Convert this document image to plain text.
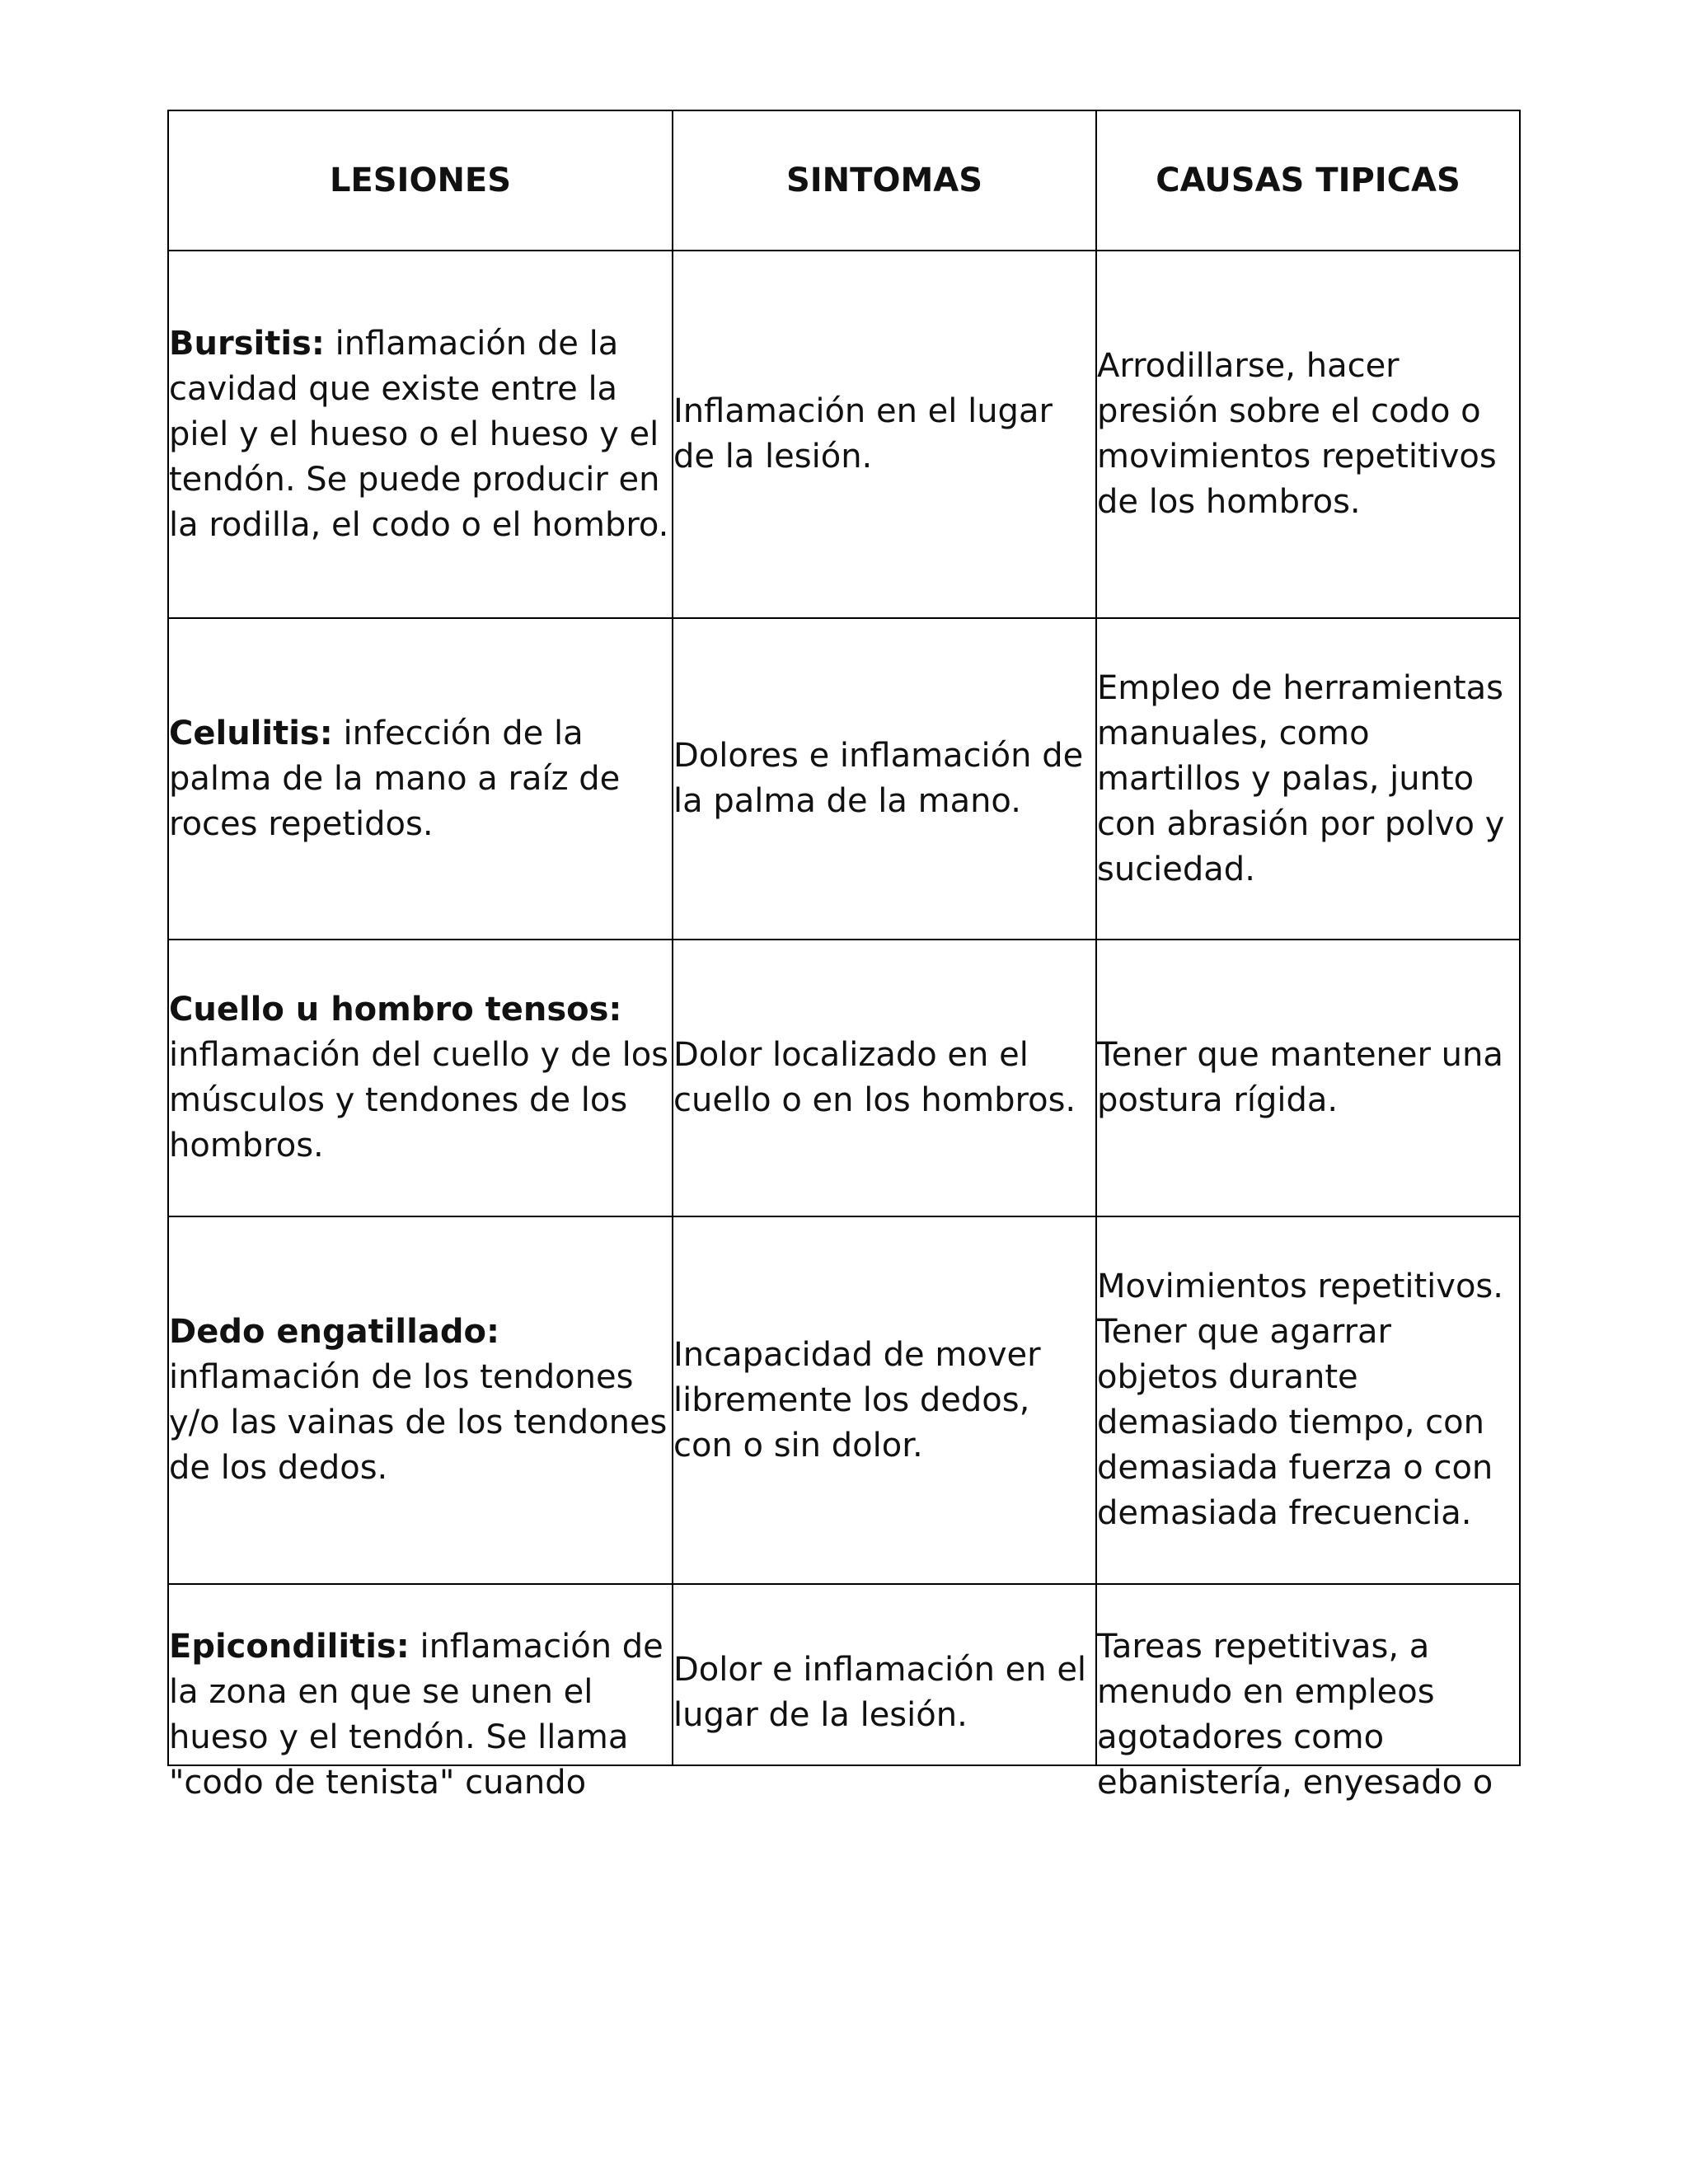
LESIONES	SINTOMAS	CAUSAS TIPICAS

Bursitis: inflamación de la cavidad que existe entre la piel y el hueso o el hueso y el tendón. Se puede producir en la rodilla, el codo o el hombro.	Inflamación en el lugar de la lesión.	Arrodillarse, hacer presión sobre el codo o movimientos repetitivos de los hombros.

Celulitis: infección de la palma de la mano a raíz de roces repetidos.	Dolores e inflamación de la palma de la mano.	Empleo de herramientas manuales, como martillos y palas, junto con abrasión por polvo y suciedad.

Cuello u hombro tensos: inflamación del cuello y de los músculos y tendones de los hombros.	Dolor localizado en el cuello o en los hombros.	Tener que mantener una postura rígida.

Dedo engatillado: inflamación de los tendones y/o las vainas de los tendones de los dedos.	Incapacidad de mover libremente los dedos, con o sin dolor.	Movimientos repetitivos. Tener que agarrar objetos durante demasiado tiempo, con demasiada fuerza o con demasiada frecuencia.

Epicondilitis: inflamación de la zona en que se unen el hueso y el tendón. Se llama "codo de tenista" cuando	Dolor e inflamación en el lugar de la lesión.	Tareas repetitivas, a menudo en empleos agotadores como ebanistería, enyesado o
